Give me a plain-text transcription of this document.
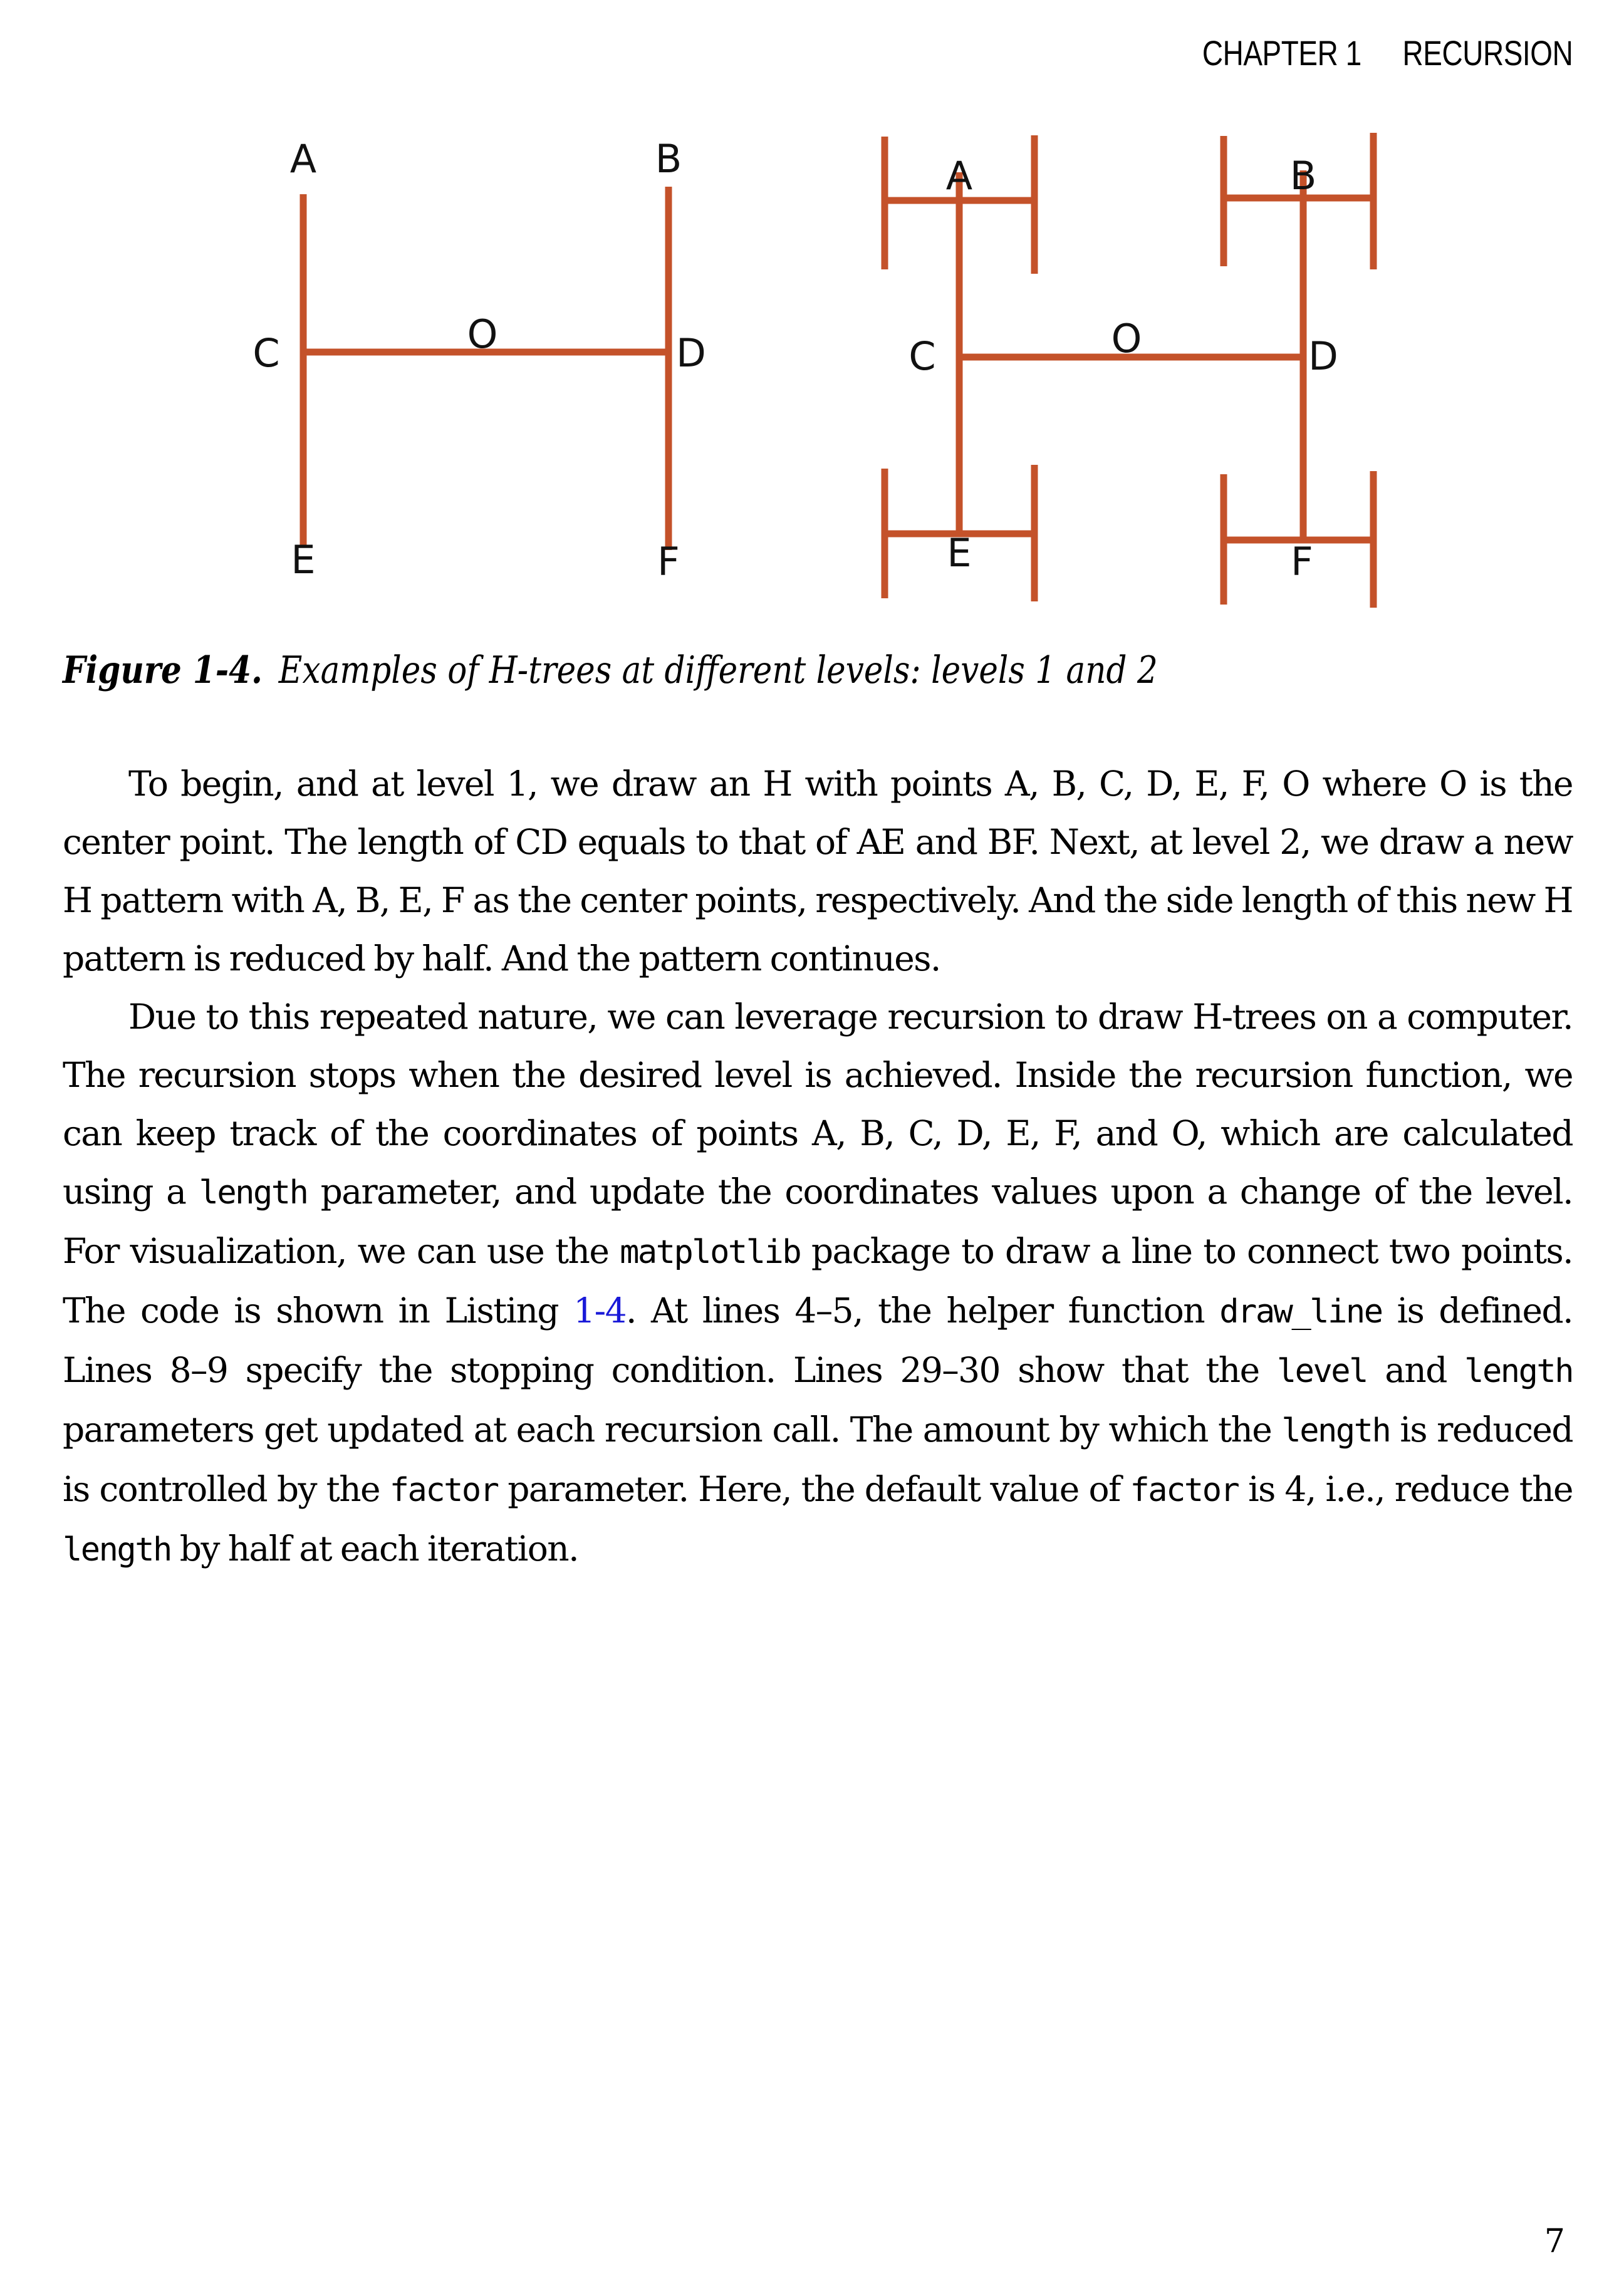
CHAPTER 1 RECURSION
A	B
C	O	D
E	F
A	B
C	O	D
E	F
Figure 1-4. Examples of H-trees at different levels: levels 1 and 2

To begin, and at level 1, we draw an H with points A, B, C, D, E, F, O where O is the center point. The length of CD equals to that of AE and BF. Next, at level 2, we draw a new H pattern with A, B, E, F as the center points, respectively. And the side length of this new H pattern is reduced by half. And the pattern continues.

Due to this repeated nature, we can leverage recursion to draw H-trees on a computer. The recursion stops when the desired level is achieved. Inside the recursion function, we can keep track of the coordinates of points A, B, C, D, E, F, and O, which are calculated using a length parameter, and update the coordinates values upon a change of the level. For visualization, we can use the matplotlib package to draw a line to connect two points. The code is shown in Listing 1-4. At lines 4–5, the helper function draw_line is defined. Lines 8–9 specify the stopping condition. Lines 29–30 show that the level and length parameters get updated at each recursion call. The amount by which the length is reduced is controlled by the factor parameter. Here, the default value of factor is 4, i.e., reduce the length by half at each iteration.

7
